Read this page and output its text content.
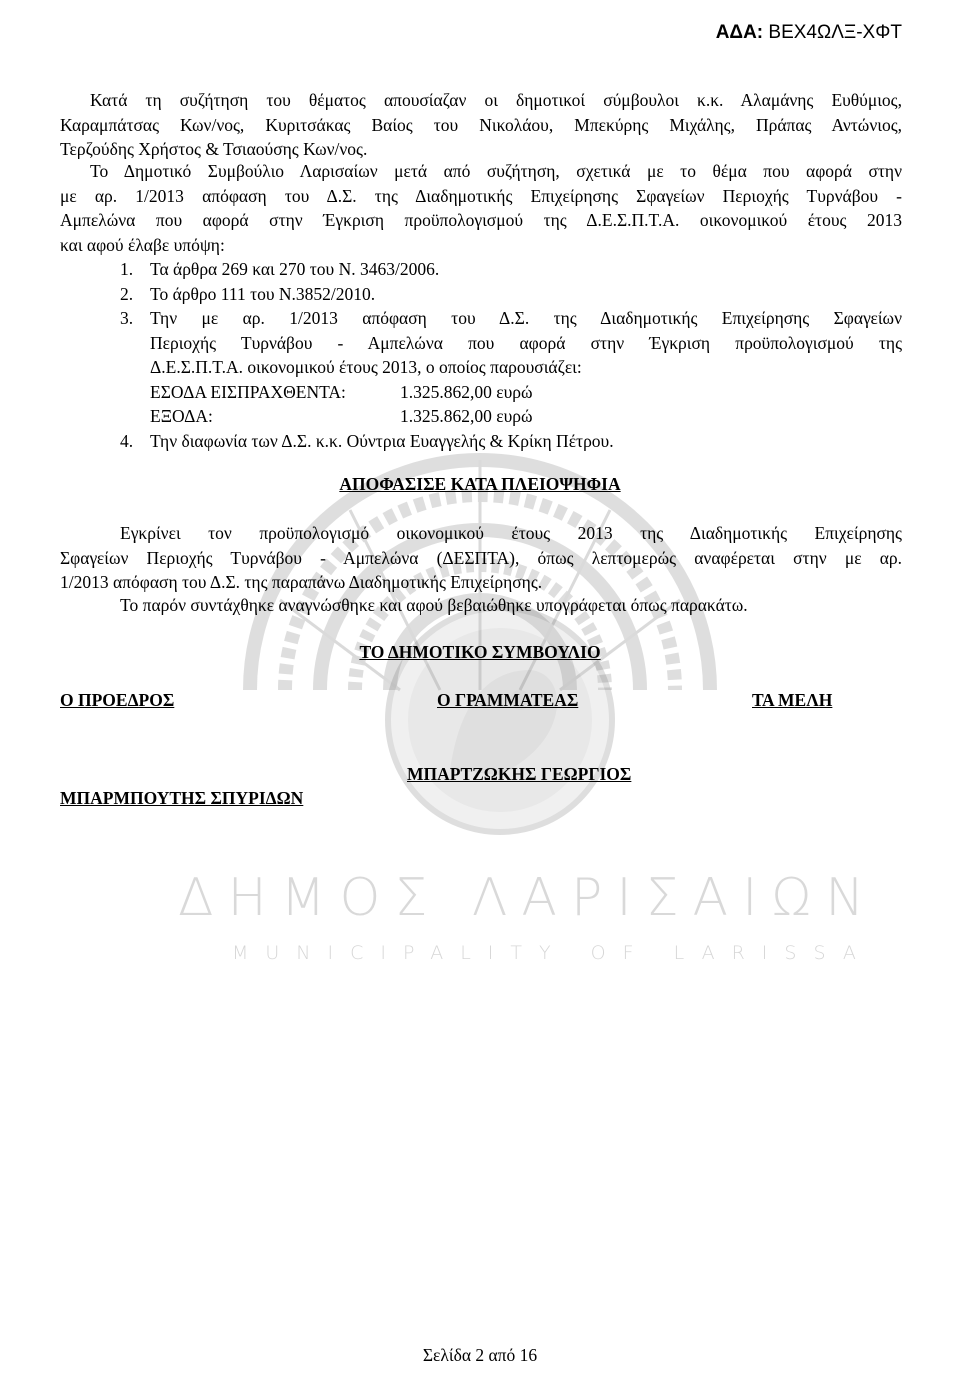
ΔΗΜΟΣ ΛΑΡΙΣΑΙΩΝ
MUNICIPALITY OF LARISSA
ΑΔΑ: ΒΕΧ4ΩΛΞ-ΧΦΤ
Κατά τη συζήτηση του θέματος απουσίαζαν οι δημοτικοί σύμβουλοι κ.κ. Αλαμάνης Ευθύμιος,
Καραμπάτσας Κων/νος, Κυριτσάκας Βαίος του Νικολάου, Μπεκύρης Μιχάλης, Πράπας Αντώνιος,
Τερζούδης Χρήστος & Τσιαούσης Κων/νος.
Το Δημοτικό Συμβούλιο Λαρισαίων μετά από συζήτηση, σχετικά με το θέμα που αφορά στην
με αρ. 1/2013 απόφαση του Δ.Σ. της Διαδημοτικής Επιχείρησης Σφαγείων Περιοχής Τυρνάβου -
Αμπελώνα που αφορά στην Έγκριση προϋπολογισμού της Δ.Ε.Σ.Π.Τ.Α. οικονομικού έτους 2013
και αφού έλαβε υπόψη:
1. Τα άρθρα 269 και 270 του Ν. 3463/2006.
2. Το άρθρο 111 του Ν.3852/2010.
3. Την με αρ. 1/2013 απόφαση του Δ.Σ. της Διαδημοτικής Επιχείρησης Σφαγείων
Περιοχής Τυρνάβου - Αμπελώνα που αφορά στην Έγκριση προϋπολογισμού της
Δ.Ε.Σ.Π.Τ.Α. οικονομικού έτους 2013, ο οποίος παρουσιάζει:
ΕΣΟΔΑ ΕΙΣΠΡΑΧΘΕΝΤΑ:	1.325.862,00 ευρώ
ΕΞΟΔΑ:	1.325.862,00 ευρώ
4. Την διαφωνία των Δ.Σ. κ.κ. Ούντρια Ευαγγελής & Κρίκη Πέτρου.
ΑΠΟΦΑΣΙΣΕ ΚΑΤΑ ΠΛΕΙΟΨΗΦΙΑ
Εγκρίνει τον προϋπολογισμό οικονομικού έτους 2013 της Διαδημοτικής Επιχείρησης
Σφαγείων Περιοχής Τυρνάβου - Αμπελώνα (ΔΕΣΠΤΑ), όπως λεπτομερώς αναφέρεται στην με αρ.
1/2013 απόφαση του Δ.Σ. της παραπάνω Διαδημοτικής Επιχείρησης.
Το παρόν συντάχθηκε αναγνώσθηκε και αφού βεβαιώθηκε υπογράφεται όπως παρακάτω.
ΤΟ ΔΗΜΟΤΙΚΟ ΣΥΜΒΟΥΛΙΟ
Ο ΠΡΟΕΔΡΟΣ	Ο ΓΡΑΜΜΑΤΕΑΣ	ΤΑ ΜΕΛΗ
ΜΠΑΡΤΖΩΚΗΣ ΓΕΩΡΓΙΟΣ
ΜΠΑΡΜΠΟΥΤΗΣ ΣΠΥΡΙΔΩΝ
Σελίδα 2 από 16
